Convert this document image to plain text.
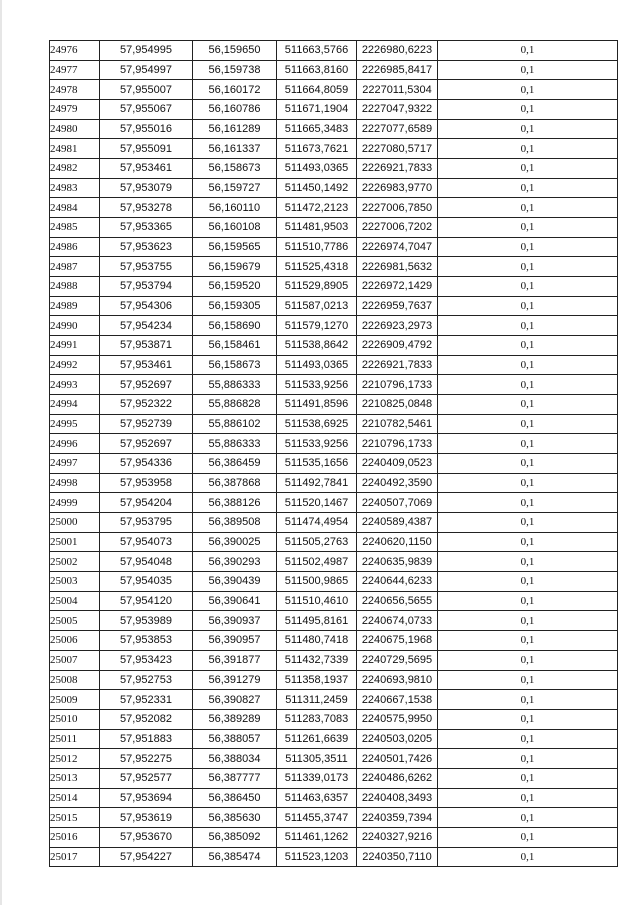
24976	57,954995	56,159650	511663,5766	2226980,6223	0,1
24977	57,954997	56,159738	511663,8160	2226985,8417	0,1
24978	57,955007	56,160172	511664,8059	2227011,5304	0,1
24979	57,955067	56,160786	511671,1904	2227047,9322	0,1
24980	57,955016	56,161289	511665,3483	2227077,6589	0,1
24981	57,955091	56,161337	511673,7621	2227080,5717	0,1
24982	57,953461	56,158673	511493,0365	2226921,7833	0,1
24983	57,953079	56,159727	511450,1492	2226983,9770	0,1
24984	57,953278	56,160110	511472,2123	2227006,7850	0,1
24985	57,953365	56,160108	511481,9503	2227006,7202	0,1
24986	57,953623	56,159565	511510,7786	2226974,7047	0,1
24987	57,953755	56,159679	511525,4318	2226981,5632	0,1
24988	57,953794	56,159520	511529,8905	2226972,1429	0,1
24989	57,954306	56,159305	511587,0213	2226959,7637	0,1
24990	57,954234	56,158690	511579,1270	2226923,2973	0,1
24991	57,953871	56,158461	511538,8642	2226909,4792	0,1
24992	57,953461	56,158673	511493,0365	2226921,7833	0,1
24993	57,952697	55,886333	511533,9256	2210796,1733	0,1
24994	57,952322	55,886828	511491,8596	2210825,0848	0,1
24995	57,952739	55,886102	511538,6925	2210782,5461	0,1
24996	57,952697	55,886333	511533,9256	2210796,1733	0,1
24997	57,954336	56,386459	511535,1656	2240409,0523	0,1
24998	57,953958	56,387868	511492,7841	2240492,3590	0,1
24999	57,954204	56,388126	511520,1467	2240507,7069	0,1
25000	57,953795	56,389508	511474,4954	2240589,4387	0,1
25001	57,954073	56,390025	511505,2763	2240620,1150	0,1
25002	57,954048	56,390293	511502,4987	2240635,9839	0,1
25003	57,954035	56,390439	511500,9865	2240644,6233	0,1
25004	57,954120	56,390641	511510,4610	2240656,5655	0,1
25005	57,953989	56,390937	511495,8161	2240674,0733	0,1
25006	57,953853	56,390957	511480,7418	2240675,1968	0,1
25007	57,953423	56,391877	511432,7339	2240729,5695	0,1
25008	57,952753	56,391279	511358,1937	2240693,9810	0,1
25009	57,952331	56,390827	511311,2459	2240667,1538	0,1
25010	57,952082	56,389289	511283,7083	2240575,9950	0,1
25011	57,951883	56,388057	511261,6639	2240503,0205	0,1
25012	57,952275	56,388034	511305,3511	2240501,7426	0,1
25013	57,952577	56,387777	511339,0173	2240486,6262	0,1
25014	57,953694	56,386450	511463,6357	2240408,3493	0,1
25015	57,953619	56,385630	511455,3747	2240359,7394	0,1
25016	57,953670	56,385092	511461,1262	2240327,9216	0,1
25017	57,954227	56,385474	511523,1203	2240350,7110	0,1
